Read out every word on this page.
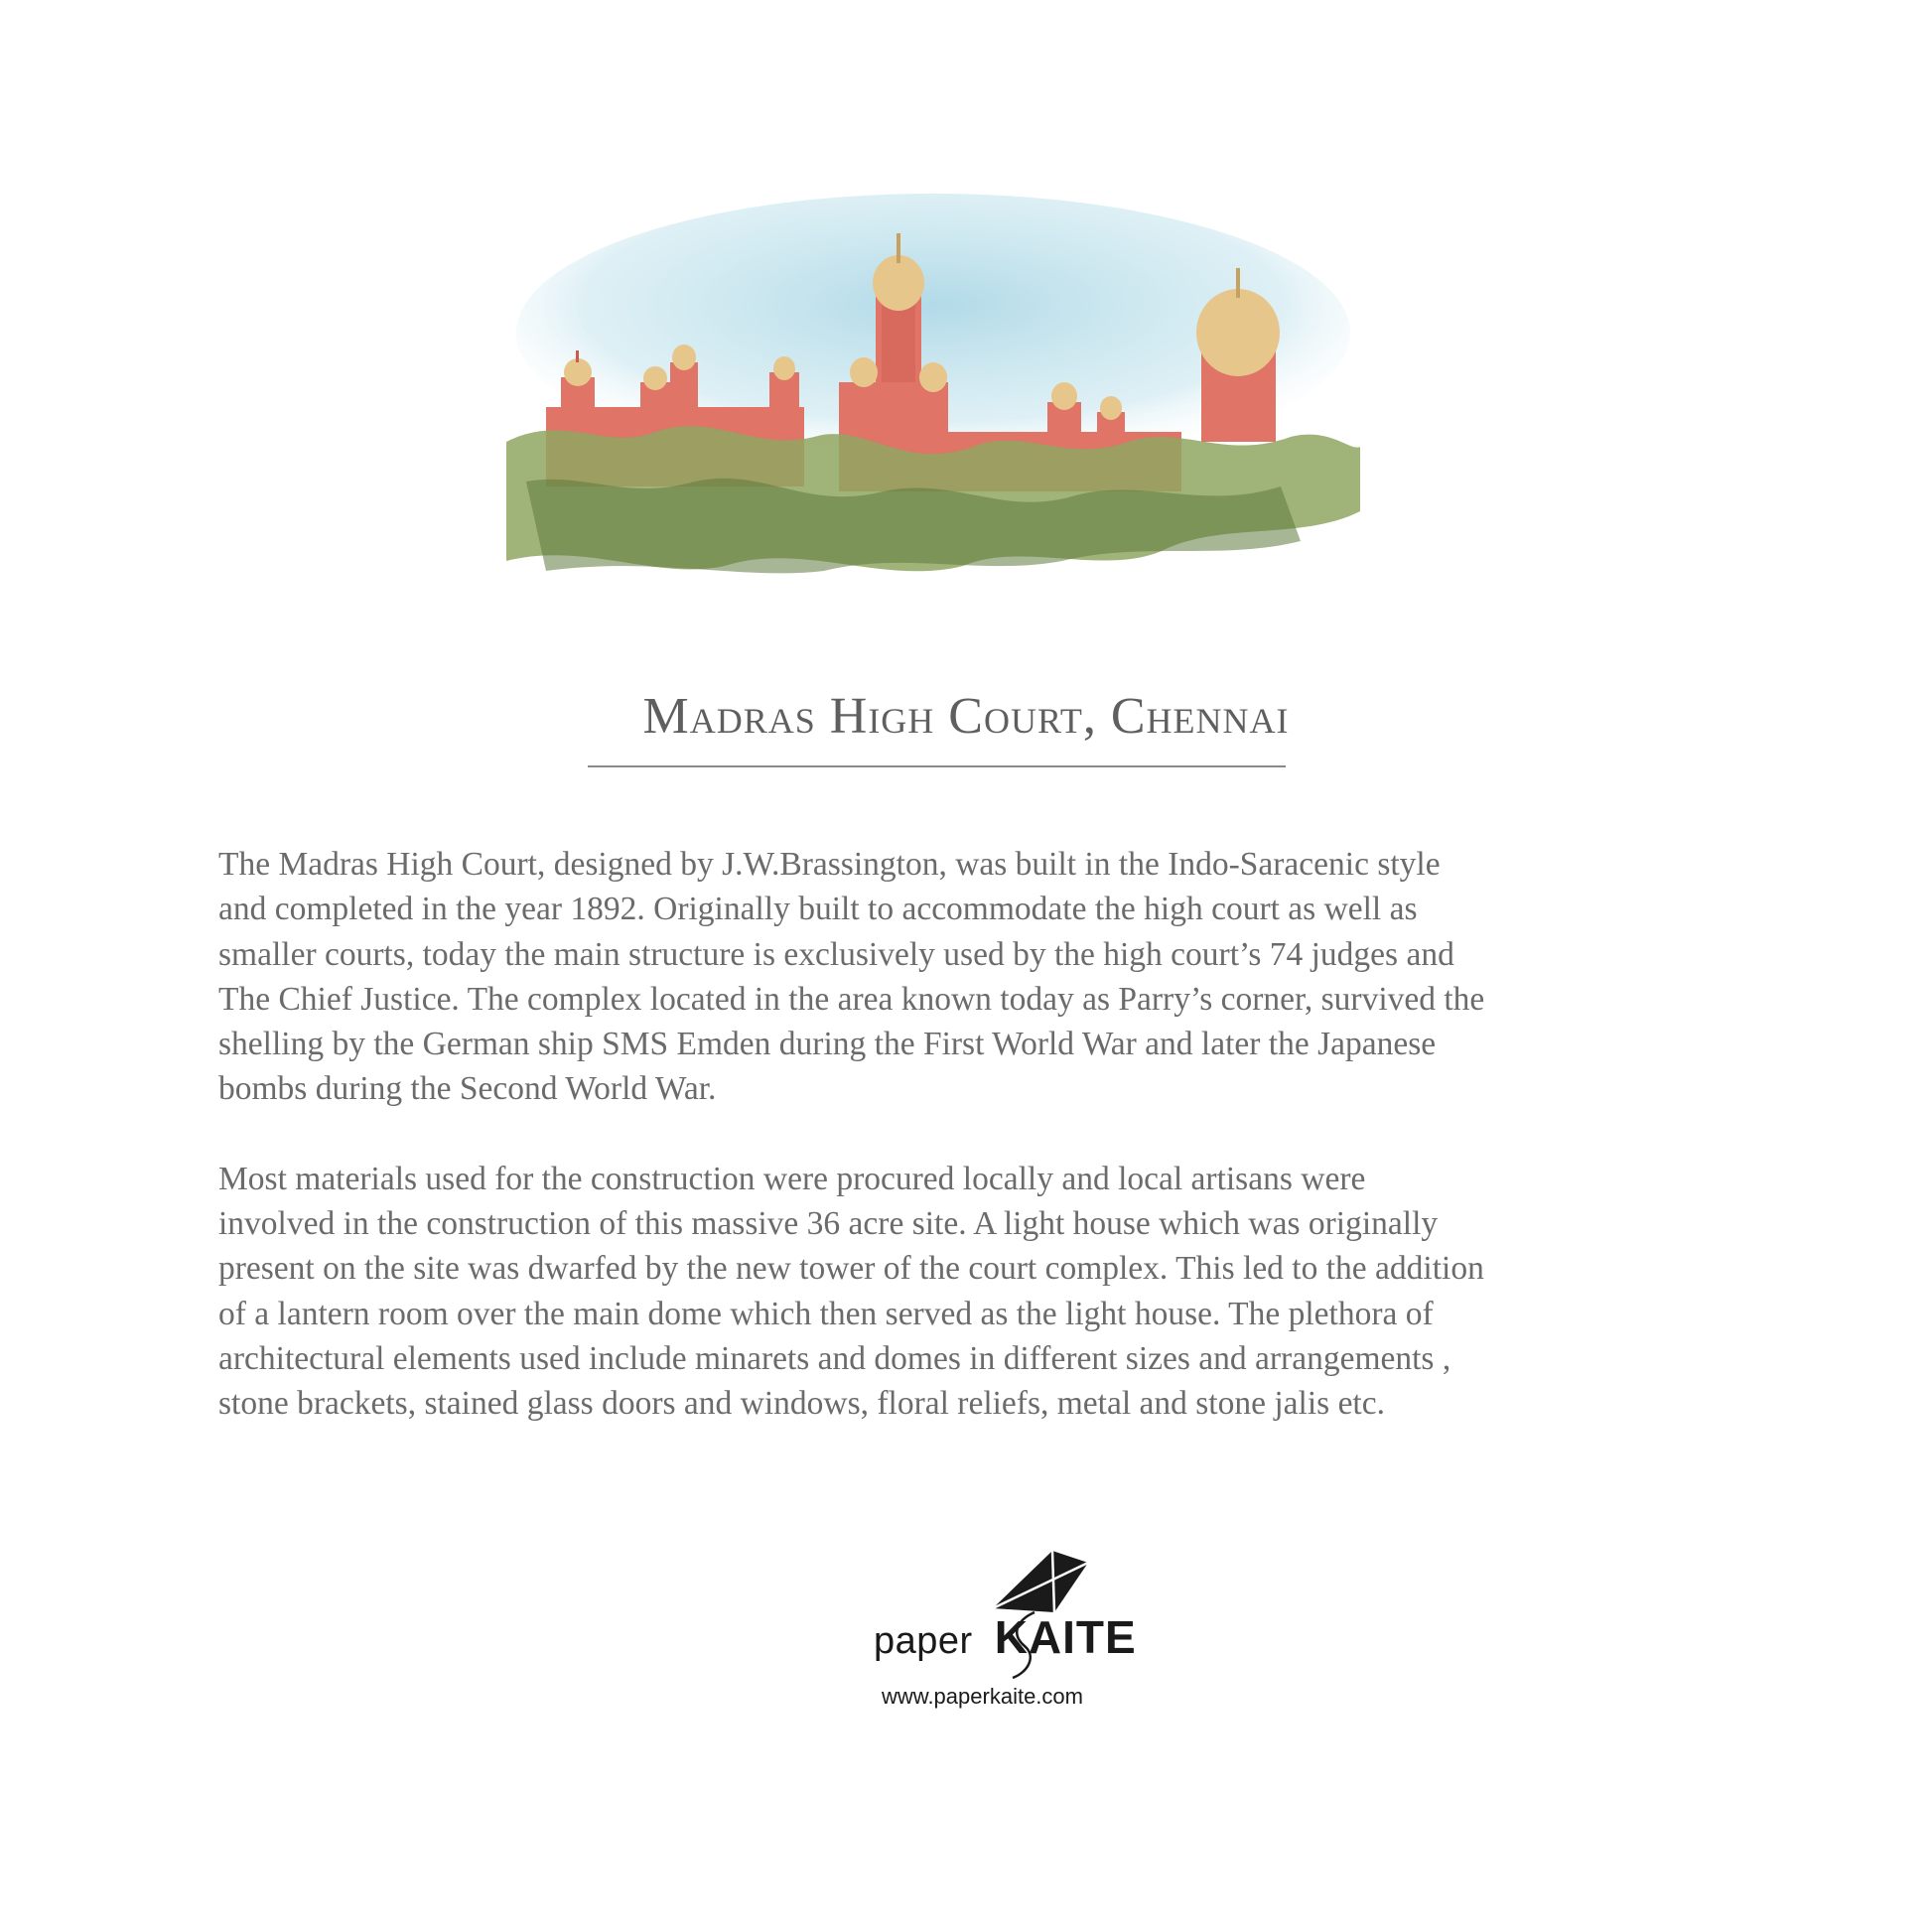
Madras High Court, Chennai

The Madras High Court, designed by J.W.Brassington, was built in the Indo-Saracenic style
and completed in the year 1892. Originally built to accommodate the high court as well as
smaller courts, today the main structure is exclusively used by the high court’s 74 judges and
The Chief Justice. The complex located in the area known today as Parry’s corner, survived the
shelling by the German ship SMS Emden during the First World War and later the Japanese
bombs during the Second World War.

Most materials used for the construction were procured locally and local artisans were
involved in the construction of this massive 36 acre site. A light house which was originally
present on the site was dwarfed by the new tower of the court complex. This led to the addition
of a lantern room over the main dome which then served as the light house. The plethora of
architectural elements used include minarets and domes in different sizes and arrangements ,
stone brackets, stained glass doors and windows, floral reliefs, metal and stone jalis etc.

paper KAITE
www.paperkaite.com
